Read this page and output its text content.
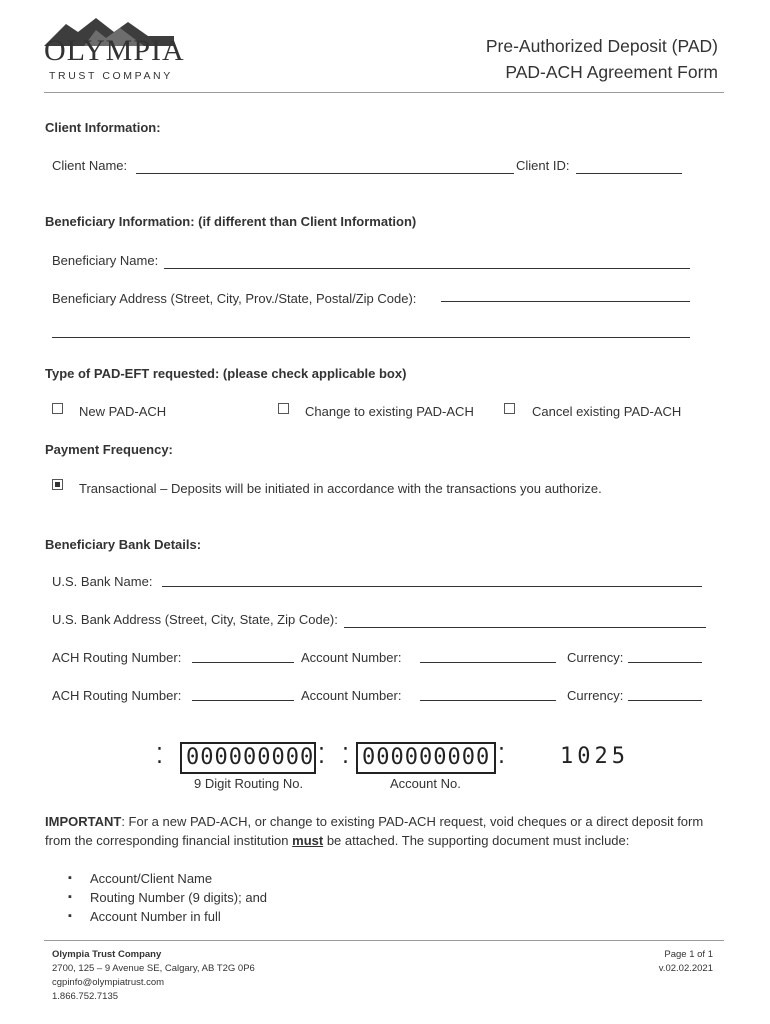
OLYMPIA
TRUST COMPANY
Pre-Authorized Deposit (PAD)
PAD-ACH Agreement Form
Client Information:
Client Name:	Client ID:
Beneficiary Information: (if different than Client Information)
Beneficiary Name:
Beneficiary Address (Street, City, Prov./State, Postal/Zip Code):
Type of PAD-EFT requested: (please check applicable box)
New PAD-ACH	Change to existing PAD-ACH	Cancel existing PAD-ACH
Payment Frequency:
Transactional – Deposits will be initiated in accordance with the transactions you authorize.
Beneficiary Bank Details:
U.S. Bank Name:
U.S. Bank Address (Street, City, State, Zip Code):
ACH Routing Number:	Account Number:	Currency:
ACH Routing Number:	Account Number:	Currency:
⁚ 000000000 ⁚ ⁚ 000000000 ⁚	1025
9 Digit Routing No.	Account No.
IMPORTANT: For a new PAD-ACH, or change to existing PAD-ACH request, void cheques or a direct deposit form from the corresponding financial institution must be attached. The supporting document must include:
▪ Account/Client Name
▪ Routing Number (9 digits); and
▪ Account Number in full
Olympia Trust Company
2700, 125 – 9 Avenue SE, Calgary, AB T2G 0P6
cgpinfo@olympiatrust.com
1.866.752.7135
Page 1 of 1
v.02.02.2021
